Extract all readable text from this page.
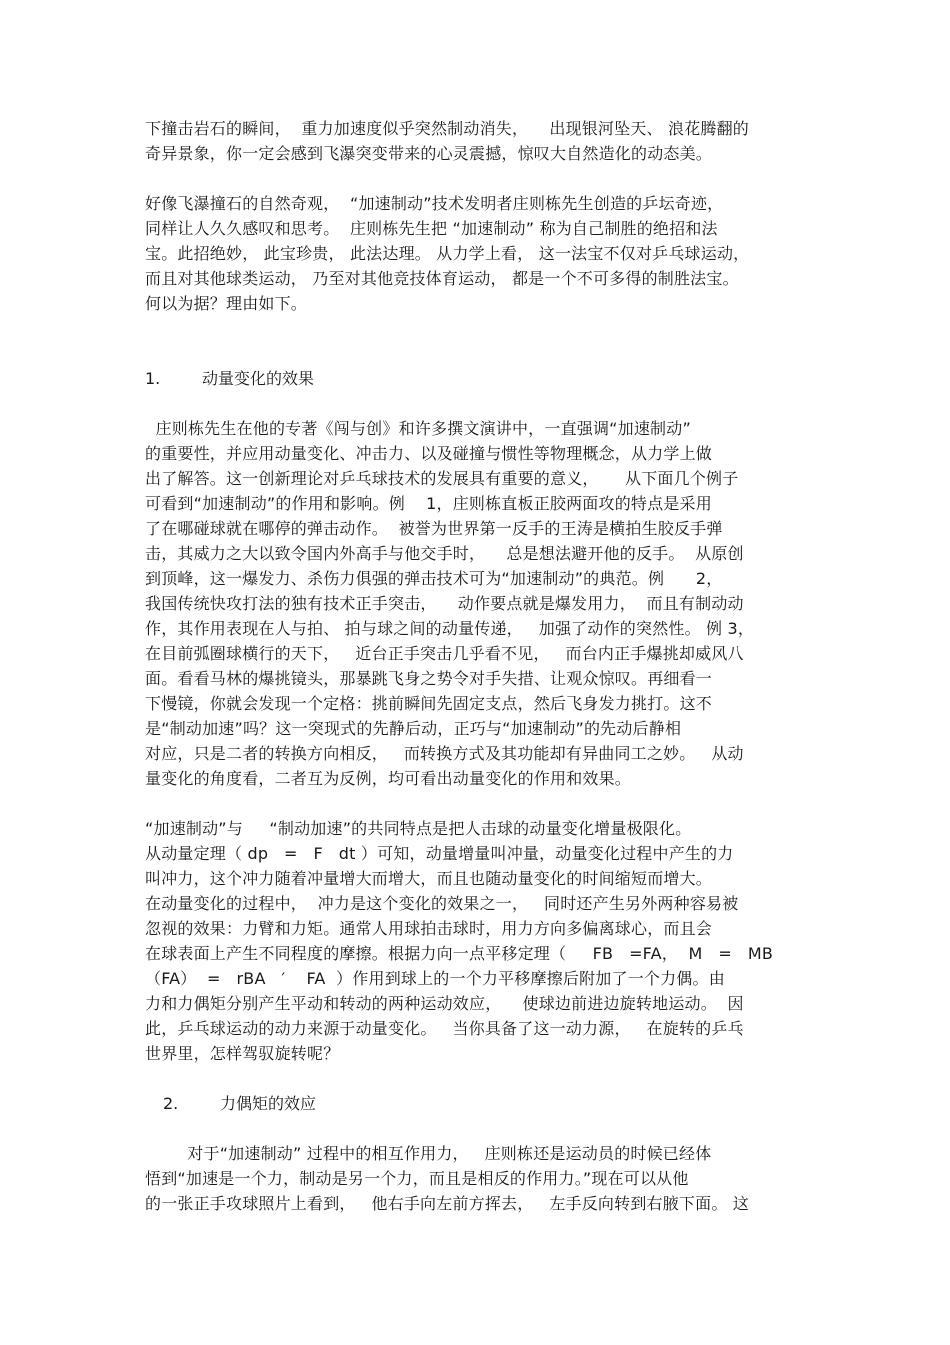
下撞击岩石的瞬间，  重力加速度似乎突然制动消失，    出现银河坠天、 浪花腾翻的
奇异景象，你一定会感到飞瀑突变带来的心灵震撼，惊叹大自然造化的动态美。
好像飞瀑撞石的自然奇观，  “加速制动”技术发明者庄则栋先生创造的乒坛奇迹，
同样让人久久感叹和思考。  庄则栋先生把 “加速制动” 称为自己制胜的绝招和法
宝。此招绝妙， 此宝珍贵， 此法达理。 从力学上看， 这一法宝不仅对乒乓球运动，
而且对其他球类运动， 乃至对其他竞技体育运动， 都是一个不可多得的制胜法宝。
何以为据？理由如下。
1.	动量变化的效果
庄则栋先生在他的专著《闯与创》和许多撰文演讲中，一直强调“加速制动”
的重要性，并应用动量变化、冲击力、以及碰撞与惯性等物理概念，从力学上做
出了解答。这一创新理论对乒乓球技术的发展具有重要的意义，     从下面几个例子
可看到“加速制动”的作用和影响。例    1，庄则栋直板正胶两面攻的特点是采用
了在哪碰球就在哪停的弹击动作。  被誉为世界第一反手的王涛是横拍生胶反手弹
击，其威力之大以致令国内外高手与他交手时，    总是想法避开他的反手。  从原创
到顶峰，这一爆发力、杀伤力俱强的弹击技术可为“加速制动”的典范。例      2，
我国传统快攻打法的独有技术正手突击，    动作要点就是爆发用力，  而且有制动动
作，其作用表现在人与拍、 拍与球之间的动量传递，   加强了动作的突然性。 例 3，
在目前弧圈球横行的天下，   近台正手突击几乎看不见，   而台内正手爆挑却威风八
面。看看马林的爆挑镜头，那暴跳飞身之势令对手失措、让观众惊叹。再细看一
下慢镜，你就会发现一个定格：挑前瞬间先固定支点，然后飞身发力挑打。这不
是“制动加速”吗？这一突现式的先静后动，正巧与“加速制动”的先动后静相
对应，只是二者的转换方向相反，   而转换方式及其功能却有异曲同工之妙。   从动
量变化的角度看，二者互为反例，均可看出动量变化的作用和效果。
“加速制动”与     “制动加速”的共同特点是把人击球的动量变化增量极限化。
从动量定理（ dp   =   F   dt ）可知，动量增量叫冲量，动量变化过程中产生的力
叫冲力，这个冲力随着冲量增大而增大，而且也随动量变化的时间缩短而增大。
在动量变化的过程中，  冲力是这个变化的效果之一，   同时还产生另外两种容易被
忽视的效果：力臂和力矩。通常人用球拍击球时，用力方向多偏离球心，而且会
在球表面上产生不同程度的摩擦。根据力向一点平移定理（     FB   =FA，  M   =   MB
（FA）  =   rBA   ′    FA  ）作用到球上的一个力平移摩擦后附加了一个力偶。由
力和力偶矩分别产生平动和转动的两种运动效应，    使球边前进边旋转地运动。  因
此，乒乓球运动的动力来源于动量变化。   当你具备了这一动力源，   在旋转的乒乓
世界里，怎样驾驭旋转呢？
2.	力偶矩的效应
对于“加速制动” 过程中的相互作用力，   庄则栋还是运动员的时候已经体
悟到“加速是一个力，制动是另一个力，而且是相反的作用力。”现在可以从他
的一张正手攻球照片上看到，   他右手向左前方挥去，   左手反向转到右腋下面。 这
